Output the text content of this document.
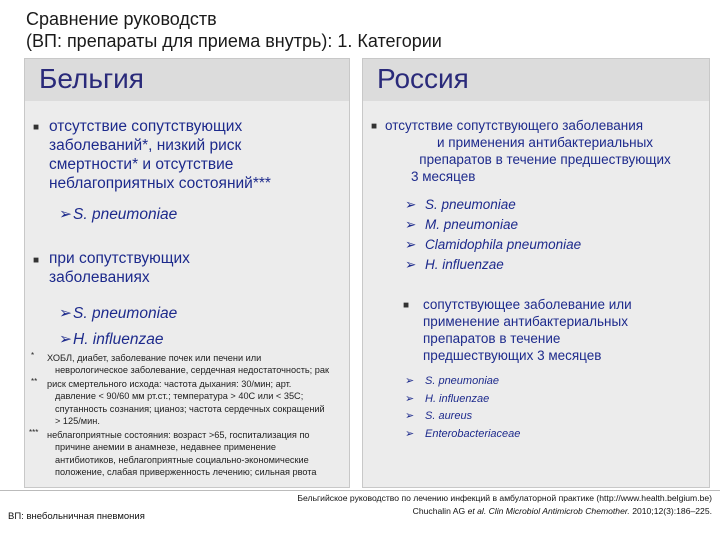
Сравнение руководств
(ВП: препараты для приема внутрь): 1. Категории
Бельгия
■ отсутствие сопутствующих
заболеваний*, низкий риск
смертности* и отсутствие
неблагоприятных состояний***
➢S. pneumoniae
■ при сопутствующих
заболеваниях
➢S. pneumoniae
➢H. influenzae
* ХОБЛ, диабет, заболевание почек или печени или
неврологическое заболевание, сердечная недостаточность; рак
** риск смертельного исхода: частота дыхания: 30/мин; арт.
давление < 90/60 мм рт.ст.; температура > 40С или < 35С;
спутанность сознания; цианоз; частота сердечных сокращений
> 125/мин.
*** неблагоприятные состояния: возраст >65, госпитализация по
причине анемии в анамнезе, недавнее применение
антибиотиков, неблагоприятные социально-экономические
положение, слабая приверженность лечению; сильная рвота
Россия
■ отсутствие сопутствующего заболевания
и применения антибактериальных
препаратов в течение предшествующих
3 месяцев
➢ S. pneumoniae
➢ M. pneumoniae
➢ Clamidophila pneumoniae
➢ H. influenzae
■ сопутствующее заболевание или
применение антибактериальных
препаратов в течение
предшествующих 3 месяцев
➢ S. pneumoniae
➢ H. influenzae
➢ S. aureus
➢ Enterobacteriaceae
ВП: внебольничная пневмония
Бельгийское руководство по лечению инфекций в амбулаторной практике (http://www.health.belgium.be)
Chuchalin AG et al. Clin Microbiol Antimicrob Chemother. 2010;12(3):186–225.
